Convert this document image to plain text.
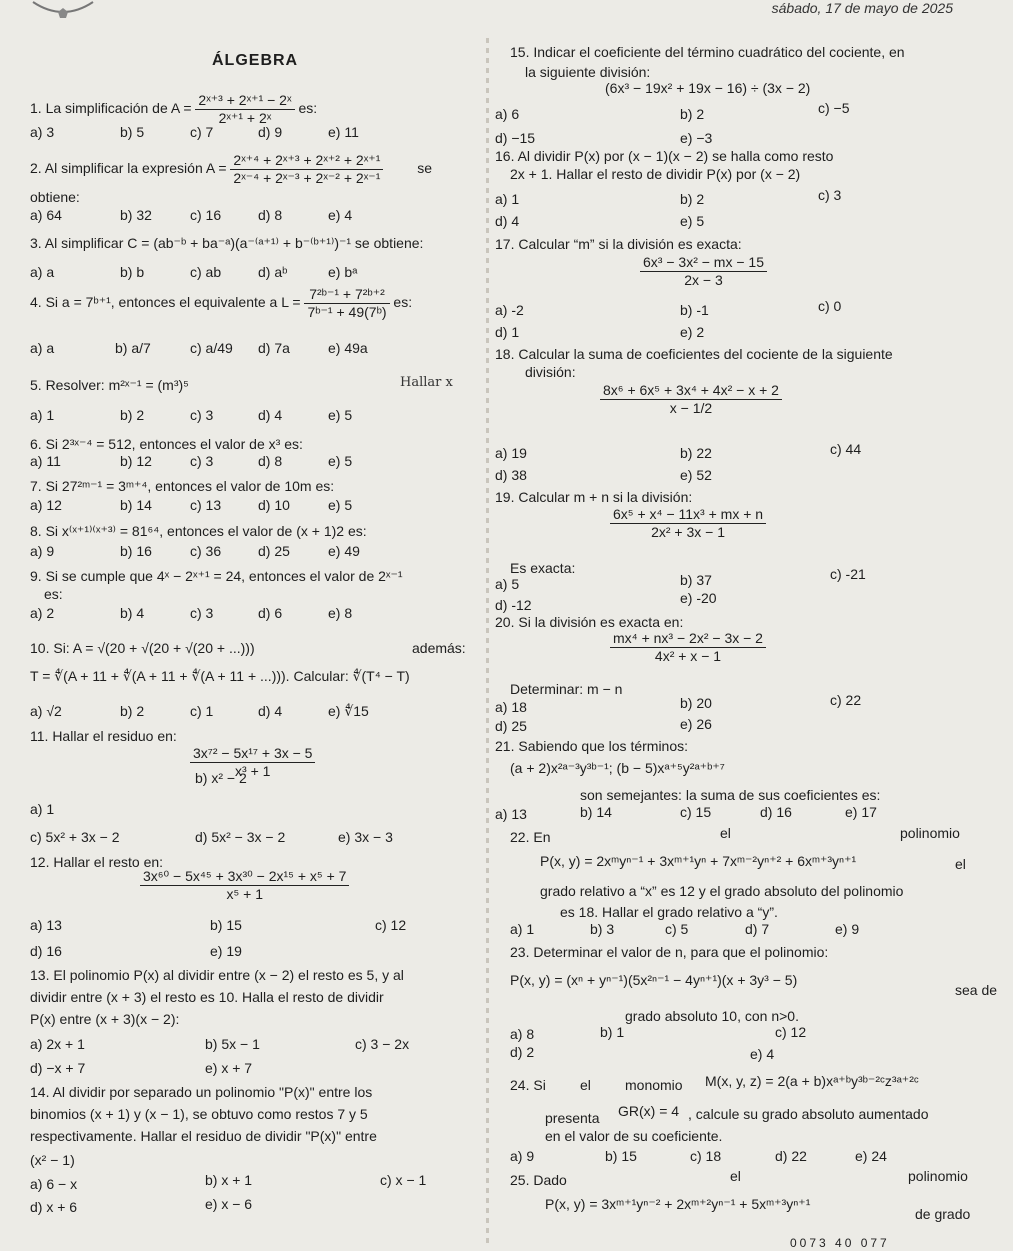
sábado, 17 de mayo de 2025
ÁLGEBRA
1. La simplificación de $A = \frac{\text{2ˣ⁺³ + 2ˣ⁺¹ − 2ˣ}}{\text{2ˣ⁺¹ + 2ˣ}}$ es:
a) 3	b) 5	c) 7	d) 9	e) 11
2. Al simplificar la expresión $A = \frac{\text{2ˣ⁺⁴ + 2ˣ⁺³ + 2ˣ⁺² + 2ˣ⁺¹}}{\text{2ˣ⁻⁴ + 2ˣ⁻³ + 2ˣ⁻² + 2ˣ⁻¹}}$ se
obtiene:
a) 64	b) 32	c) 16	d) 8	e) 4
3. Al simplificar C = (ab⁻ᵇ + ba⁻ᵃ)(a⁻⁽ᵃ⁺¹⁾ + b⁻⁽ᵇ⁺¹⁾)⁻¹ se obtiene:
a) a	b) b	c) ab	d) aᵇ	e) bᵃ
4. Si a = 7ᵇ⁺¹, entonces el equivalente a $L = \frac{\text{7²ᵇ⁻¹ + 7²ᵇ⁺²}}{\text{7ᵇ⁻¹ + 49(7ᵇ)}}$ es:
a) a	b) a/7	c) a/49 d) 7a	e) 49a
5. Resolver: m²ˣ⁻¹ = (m³)⁵	Hallar x
a) 1	b) 2	c) 3	d) 4	e) 5
6. Si 2³ˣ⁻⁴ = 512, entonces el valor de x³ es:
a) 11	b) 12	c) 3	d) 8	e) 5
7. Si 27²ᵐ⁻¹ = 3ᵐ⁺⁴, entonces el valor de 10m es:
a) 12	b) 14	c) 13	d) 10	e) 5
8. Si x⁽ˣ⁺¹⁾⁽ˣ⁺³⁾ = 81⁶⁴, entonces el valor de (x + 1)2 es:
a) 9	b) 16	c) 36	d) 25	e) 49
9. Si se cumple que 4ˣ − 2ˣ⁺¹ = 24, entonces el valor de 2ˣ⁻¹
es:
a) 2	b) 4	c) 3	d) 6	e) 8
10. Si: A = √(20 + √(20 + √(20 + ...)))	además:
T = ∜(A + 11 + ∜(A + 11 + ∜(A + 11 + ...))). Calcular: ∜(T⁴ − T)
a) √2	b) 2	c) 1	d) 4	e) ∜15
11. Hallar el residuo en:
$\frac{\text{3x⁷² − 5x¹⁷ + 3x − 5}}{\text{x³ + 1}}$
a) 1
b) x² − 2
c) 5x² + 3x − 2	d) 5x² − 3x − 2	e) 3x − 3
12. Hallar el resto en:
$\frac{\text{3x⁶⁰ − 5x⁴⁵ + 3x³⁰ − 2x¹⁵ + x⁵ + 7}}{\text{x⁵ + 1}}$
a) 13	b) 15	c) 12
d) 16	e) 19
13. El polinomio P(x) al dividir entre (x − 2) el resto es 5, y al
dividir entre (x + 3) el resto es 10. Halla el resto de dividir
P(x) entre (x + 3)(x − 2):
a) 2x + 1	b) 5x − 1	c) 3 − 2x
d) −x + 7	e) x + 7
14. Al dividir por separado un polinomio "P(x)" entre los
binomios (x + 1) y (x − 1), se obtuvo como restos 7 y 5
respectivamente. Hallar el residuo de dividir "P(x)" entre
(x² − 1)
a) 6 − x	b) x + 1	c) x − 1
d) x + 6	e) x − 6
15. Indicar el coeficiente del término cuadrático del cociente, en
la siguiente división:
(6x³ − 19x² + 19x − 16) ÷ (3x − 2)
a) 6	b) 2	c) −5
d) −15	e) −3
16. Al dividir P(x) por (x − 1)(x − 2) se halla como resto
2x + 1. Hallar el resto de dividir P(x) por (x − 2)
a) 1	b) 2	c) 3
d) 4	e) 5
17. Calcular “m” si la división es exacta:
$\frac{\text{6x³ − 3x² − mx − 15}}{2x - 3}$
a) -2	b) -1	c) 0
d) 1	e) 2
18. Calcular la suma de coeficientes del cociente de la siguiente
división:
$\frac{\text{8x⁶ + 6x⁵ + 3x⁴ + 4x² − x + 2}}{x - 1/2}$
a) 19	b) 22	c) 44
d) 38	e) 52
19. Calcular m + n si la división:
$\frac{\text{6x⁵ + x⁴ − 11x³ + mx + n}}{\text{2x² + 3x − 1}}$
Es exacta:
a) 5	b) 37	c) -21
d) -12	e) -20
20. Si la división es exacta en:
$\frac{\text{mx⁴ + nx³ − 2x² − 3x − 2}}{\text{4x² + x − 1}}$
Determinar: m − n
a) 18	b) 20	c) 22
d) 25	e) 26
21. Sabiendo que los términos:
(a + 2)x²ᵃ⁻³y³ᵇ⁻¹; (b − 5)xᵃ⁺⁵y²ᵃ⁺ᵇ⁺⁷
son semejantes: la suma de sus coeficientes es:
a) 13	b) 14	c) 15	d) 16	e) 17
22. En	el	polinomio
P(x, y) = 2xᵐyⁿ⁻¹ + 3xᵐ⁺¹yⁿ + 7xᵐ⁻²yⁿ⁺² + 6xᵐ⁺³yⁿ⁺¹	el
grado relativo a “x” es 12 y el grado absoluto del polinomio
es 18. Hallar el grado relativo a “y”.
a) 1	b) 3	c) 5	d) 7	e) 9
23. Determinar el valor de n, para que el polinomio:
P(x, y) = (xⁿ + yⁿ⁻¹)(5x²ⁿ⁻¹ − 4yⁿ⁺¹)(x + 3y³ − 5)
sea de
grado absoluto 10, con n>0.
a) 8	b) 1	c) 12
d) 2	e) 4
24. Si el monomio M(x, y, z) = 2(a + b)xᵃ⁺ᵇy³ᵇ⁻²ᶜz³ᵃ⁺²ᶜ
presenta GR(x) = 4 , calcule su grado absoluto aumentado
en el valor de su coeficiente.
a) 9	b) 15	c) 18	d) 22	e) 24
25. Dado	el	polinomio
P(x, y) = 3xᵐ⁺¹yⁿ⁻² + 2xᵐ⁺²yⁿ⁻¹ + 5xᵐ⁺³yⁿ⁺¹
de grado
0073 40 077
